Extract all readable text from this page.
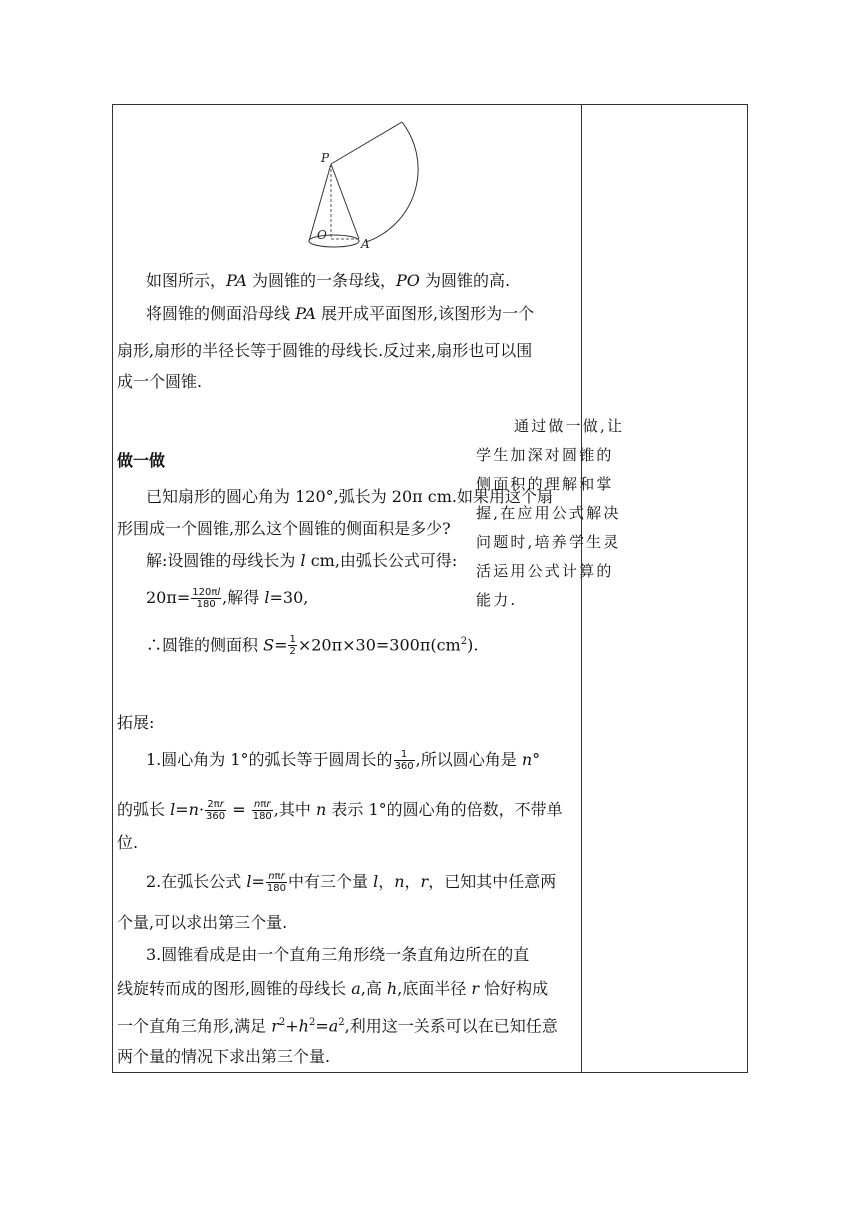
P
O
A
如图所示，PA 为圆锥的一条母线，PO 为圆锥的高.
将圆锥的侧面沿母线 PA 展开成平面图形,该图形为一个
扇形,扇形的半径长等于圆锥的母线长.反过来,扇形也可以围
成一个圆锥.
做一做
已知扇形的圆心角为 120°,弧长为 20π cm.如果用这个扇
形围成一个圆锥,那么这个圆锥的侧面积是多少?
解:设圆锥的母线长为 l cm,由弧长公式可得:
$20\pi= \frac{120\pi l}{180}$ ,解得 l=30,
∴圆锥的侧面积 $S= \frac{1}{2} \times 20\pi\times 30=300\pi(cm^2)$.
拓展:
1.圆心角为 1°的弧长等于圆周长的 $\frac{1}{360}$ ,所以圆心角是 n°
的弧长 $l=n\cdot \frac{2\pi r}{360} = \frac{\text{nπr}}{180}$ ,其中 n 表示 1°的圆心角的倍数，不带单
位.
2.在弧长公式 $l= \frac{\text{nπr}}{180}$ 中有三个量 l，n，r，已知其中任意两
个量,可以求出第三个量.
3.圆锥看成是由一个直角三角形绕一条直角边所在的直
线旋转而成的图形,圆锥的母线长 a,高 h,底面半径 r 恰好构成
一个直角三角形,满足 $r^2+h^2=a^2$,利用这一关系可以在已知任意
两个量的情况下求出第三个量.
通过做一做,让学生加深对圆锥的侧面积的理解和掌握,在应用公式解决问题时,培养学生灵活运用公式计算的能力.
